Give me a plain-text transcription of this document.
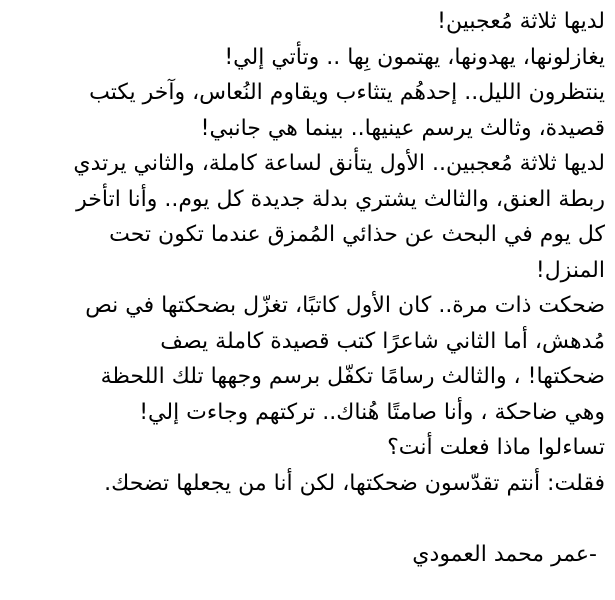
لديها ثلاثة مُعجبين!
يغازلونها، يهدونها، يهتمون بِها .. وتأتي إلي!
ينتظرون الليل.. إحدهُم يتثاءب ويقاوم النُعاس، وآخر يكتب
قصيدة، وثالث يرسم عينيها.. بينما هي جانبي!
لديها ثلاثة مُعجبين.. الأول يتأنق لساعة كاملة، والثاني يرتدي
ربطة العنق، والثالث يشتري بدلة جديدة كل يوم.. وأنا اتأخر
كل يوم في البحث عن حذائي المُمزق عندما تكون تحت
المنزل!
ضحكت ذات مرة.. كان الأول كاتبًا، تغزّل بضحكتها في نص
مُدهش، أما الثاني شاعرًا كتب قصيدة كاملة يصف
ضحكتها! ، والثالث رسامًا تكفّل برسم وجهها تلك اللحظة
وهي ضاحكة ، وأنا صامتًا هُناك.. تركتهم وجاءت إلي!
تساءلوا ماذا فعلت أنت؟
فقلت: أنتم تقدّسون ضحكتها، لكن أنا من يجعلها تضحك.
-عمر محمد العمودي
